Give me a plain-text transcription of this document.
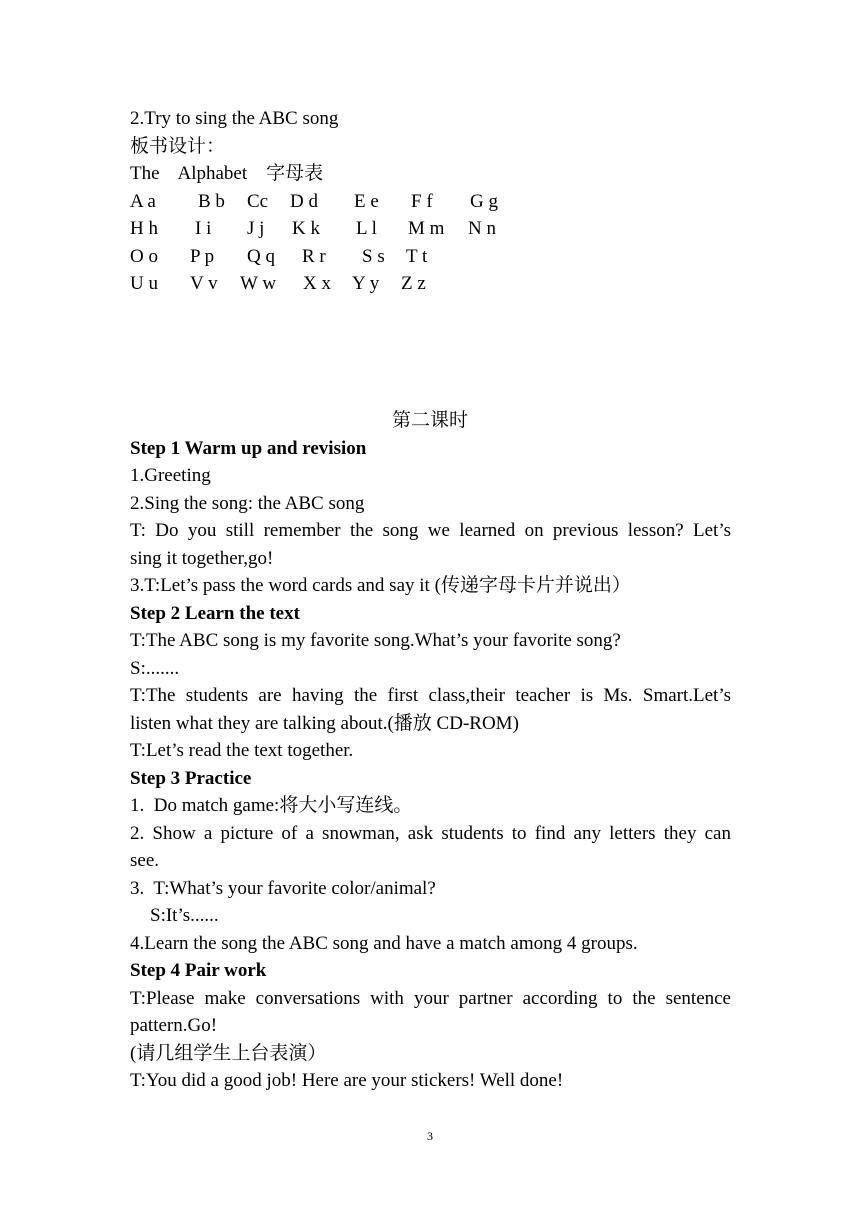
2.Try to sing the ABC song
板书设计：
The    Alphabet    字母表
A a B b Cc D d E e F f G g
H h I i J j K k L l M m N n
O o P p Q q R r S s T t
U u V v W w X x Y y Z z
第二课时
Step 1 Warm up and revision
1.Greeting
2.Sing the song: the ABC song
T: Do you still remember the song we learned on previous lesson? Let’s
sing it together,go!
3.T:Let’s pass the word cards and say it (传递字母卡片并说出）
Step 2 Learn the text
T:The ABC song is my favorite song.What’s your favorite song?
S:.......
T:The students are having the first class,their teacher is Ms. Smart.Let’s
listen what they are talking about.(播放 CD-ROM)
T:Let’s read the text together.
Step 3 Practice
1.  Do match game:将大小写连线。
2. Show a picture of a snowman, ask students to find any letters they can
see.
3.  T:What’s your favorite color/animal?
S:It’s......
4.Learn the song the ABC song and have a match among 4 groups.
Step 4 Pair work
T:Please make conversations with your partner according to the sentence
pattern.Go!
(请几组学生上台表演）
T:You did a good job! Here are your stickers! Well done!
3
